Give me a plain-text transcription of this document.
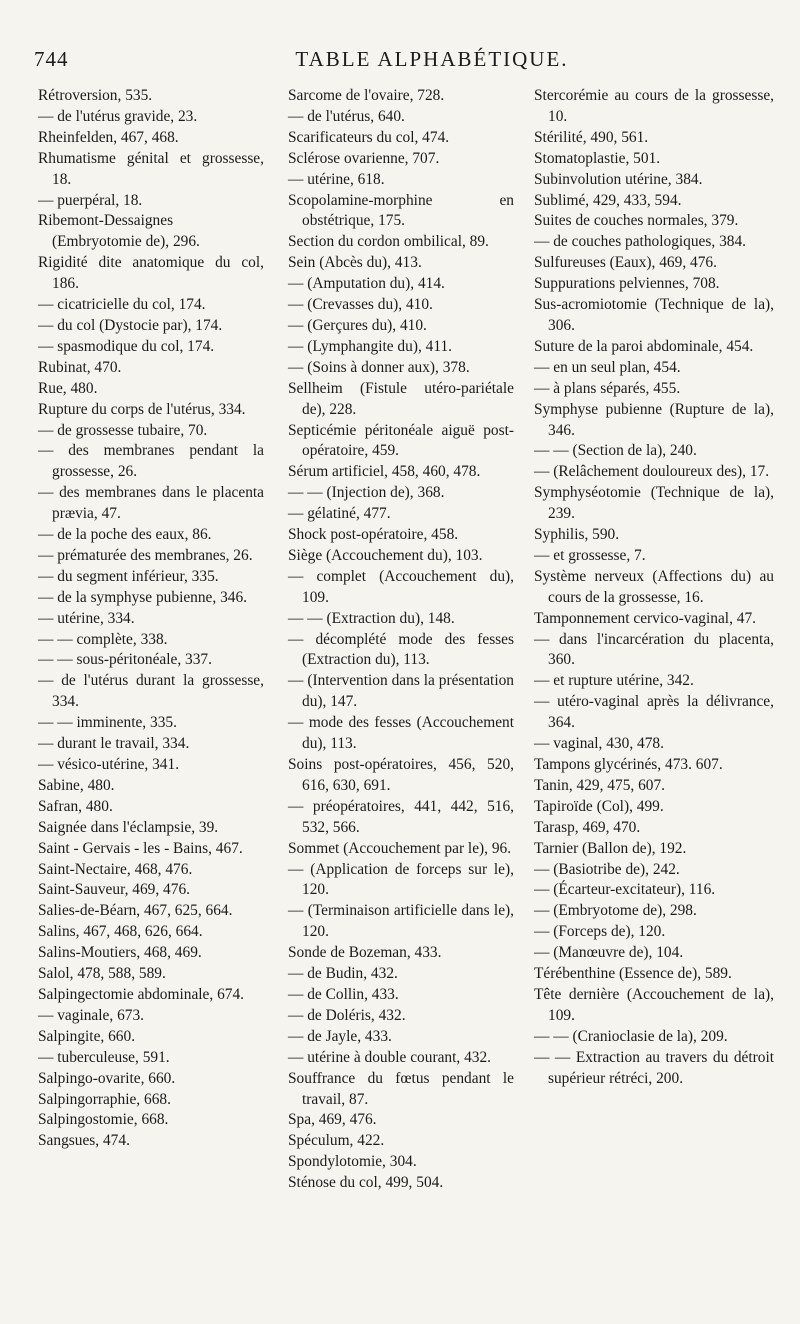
744	TABLE ALPHABÉTIQUE.
Rétroversion, 535.
— de l'utérus gravide, 23.
Rheinfelden, 467, 468.
Rhumatisme génital et grossesse, 18.
— puerpéral, 18.
Ribemont-Dessaignes (Embryotomie de), 296.
Rigidité dite anatomique du col, 186.
— cicatricielle du col, 174.
— du col (Dystocie par), 174.
— spasmodique du col, 174.
Rubinat, 470.
Rue, 480.
Rupture du corps de l'utérus, 334.
— de grossesse tubaire, 70.
— des membranes pendant la grossesse, 26.
— des membranes dans le placenta prævia, 47.
— de la poche des eaux, 86.
— prématurée des membranes, 26.
— du segment inférieur, 335.
— de la symphyse pubienne, 346.
— utérine, 334.
— — complète, 338.
— — sous-péritonéale, 337.
— de l'utérus durant la grossesse, 334.
— — imminente, 335.
— durant le travail, 334.
— vésico-utérine, 341.
Sabine, 480.
Safran, 480.
Saignée dans l'éclampsie, 39.
Saint - Gervais - les - Bains, 467.
Saint-Nectaire, 468, 476.
Saint-Sauveur, 469, 476.
Salies-de-Béarn, 467, 625, 664.
Salins, 467, 468, 626, 664.
Salins-Moutiers, 468, 469.
Salol, 478, 588, 589.
Salpingectomie abdominale, 674.
— vaginale, 673.
Salpingite, 660.
— tuberculeuse, 591.
Salpingo-ovarite, 660.
Salpingorraphie, 668.
Salpingostomie, 668.
Sangsues, 474.
Sarcome de l'ovaire, 728.
— de l'utérus, 640.
Scarificateurs du col, 474.
Sclérose ovarienne, 707.
— utérine, 618.
Scopolamine-morphine en obstétrique, 175.
Section du cordon ombilical, 89.
Sein (Abcès du), 413.
— (Amputation du), 414.
— (Crevasses du), 410.
— (Gerçures du), 410.
— (Lymphangite du), 411.
— (Soins à donner aux), 378.
Sellheim (Fistule utéro-pariétale de), 228.
Septicémie péritonéale aiguë post-opératoire, 459.
Sérum artificiel, 458, 460, 478.
— — (Injection de), 368.
— gélatiné, 477.
Shock post-opératoire, 458.
Siège (Accouchement du), 103.
— complet (Accouchement du), 109.
— — (Extraction du), 148.
— décomplété mode des fesses (Extraction du), 113.
— (Intervention dans la présentation du), 147.
— mode des fesses (Accouchement du), 113.
Soins post-opératoires, 456, 520, 616, 630, 691.
— préopératoires, 441, 442, 516, 532, 566.
Sommet (Accouchement par le), 96.
— (Application de forceps sur le), 120.
— (Terminaison artificielle dans le), 120.
Sonde de Bozeman, 433.
— de Budin, 432.
— de Collin, 433.
— de Doléris, 432.
— de Jayle, 433.
— utérine à double courant, 432.
Souffrance du fœtus pendant le travail, 87.
Spa, 469, 476.
Spéculum, 422.
Spondylotomie, 304.
Sténose du col, 499, 504.
Stercorémie au cours de la grossesse, 10.
Stérilité, 490, 561.
Stomatoplastie, 501.
Subinvolution utérine, 384.
Sublimé, 429, 433, 594.
Suites de couches normales, 379.
— de couches pathologiques, 384.
Sulfureuses (Eaux), 469, 476.
Suppurations pelviennes, 708.
Sus-acromiotomie (Technique de la), 306.
Suture de la paroi abdominale, 454.
— en un seul plan, 454.
— à plans séparés, 455.
Symphyse pubienne (Rupture de la), 346.
— — (Section de la), 240.
— (Relâchement douloureux des), 17.
Symphyséotomie (Technique de la), 239.
Syphilis, 590.
— et grossesse, 7.
Système nerveux (Affections du) au cours de la grossesse, 16.
Tamponnement cervico-vaginal, 47.
— dans l'incarcération du placenta, 360.
— et rupture utérine, 342.
— utéro-vaginal après la délivrance, 364.
— vaginal, 430, 478.
Tampons glycérinés, 473. 607.
Tanin, 429, 475, 607.
Tapiroïde (Col), 499.
Tarasp, 469, 470.
Tarnier (Ballon de), 192.
— (Basiotribe de), 242.
— (Écarteur-excitateur), 116.
— (Embryotome de), 298.
— (Forceps de), 120.
— (Manœuvre de), 104.
Térébenthine (Essence de), 589.
Tête dernière (Accouchement de la), 109.
— — (Cranioclasie de la), 209.
— — Extraction au travers du détroit supérieur rétréci, 200.
